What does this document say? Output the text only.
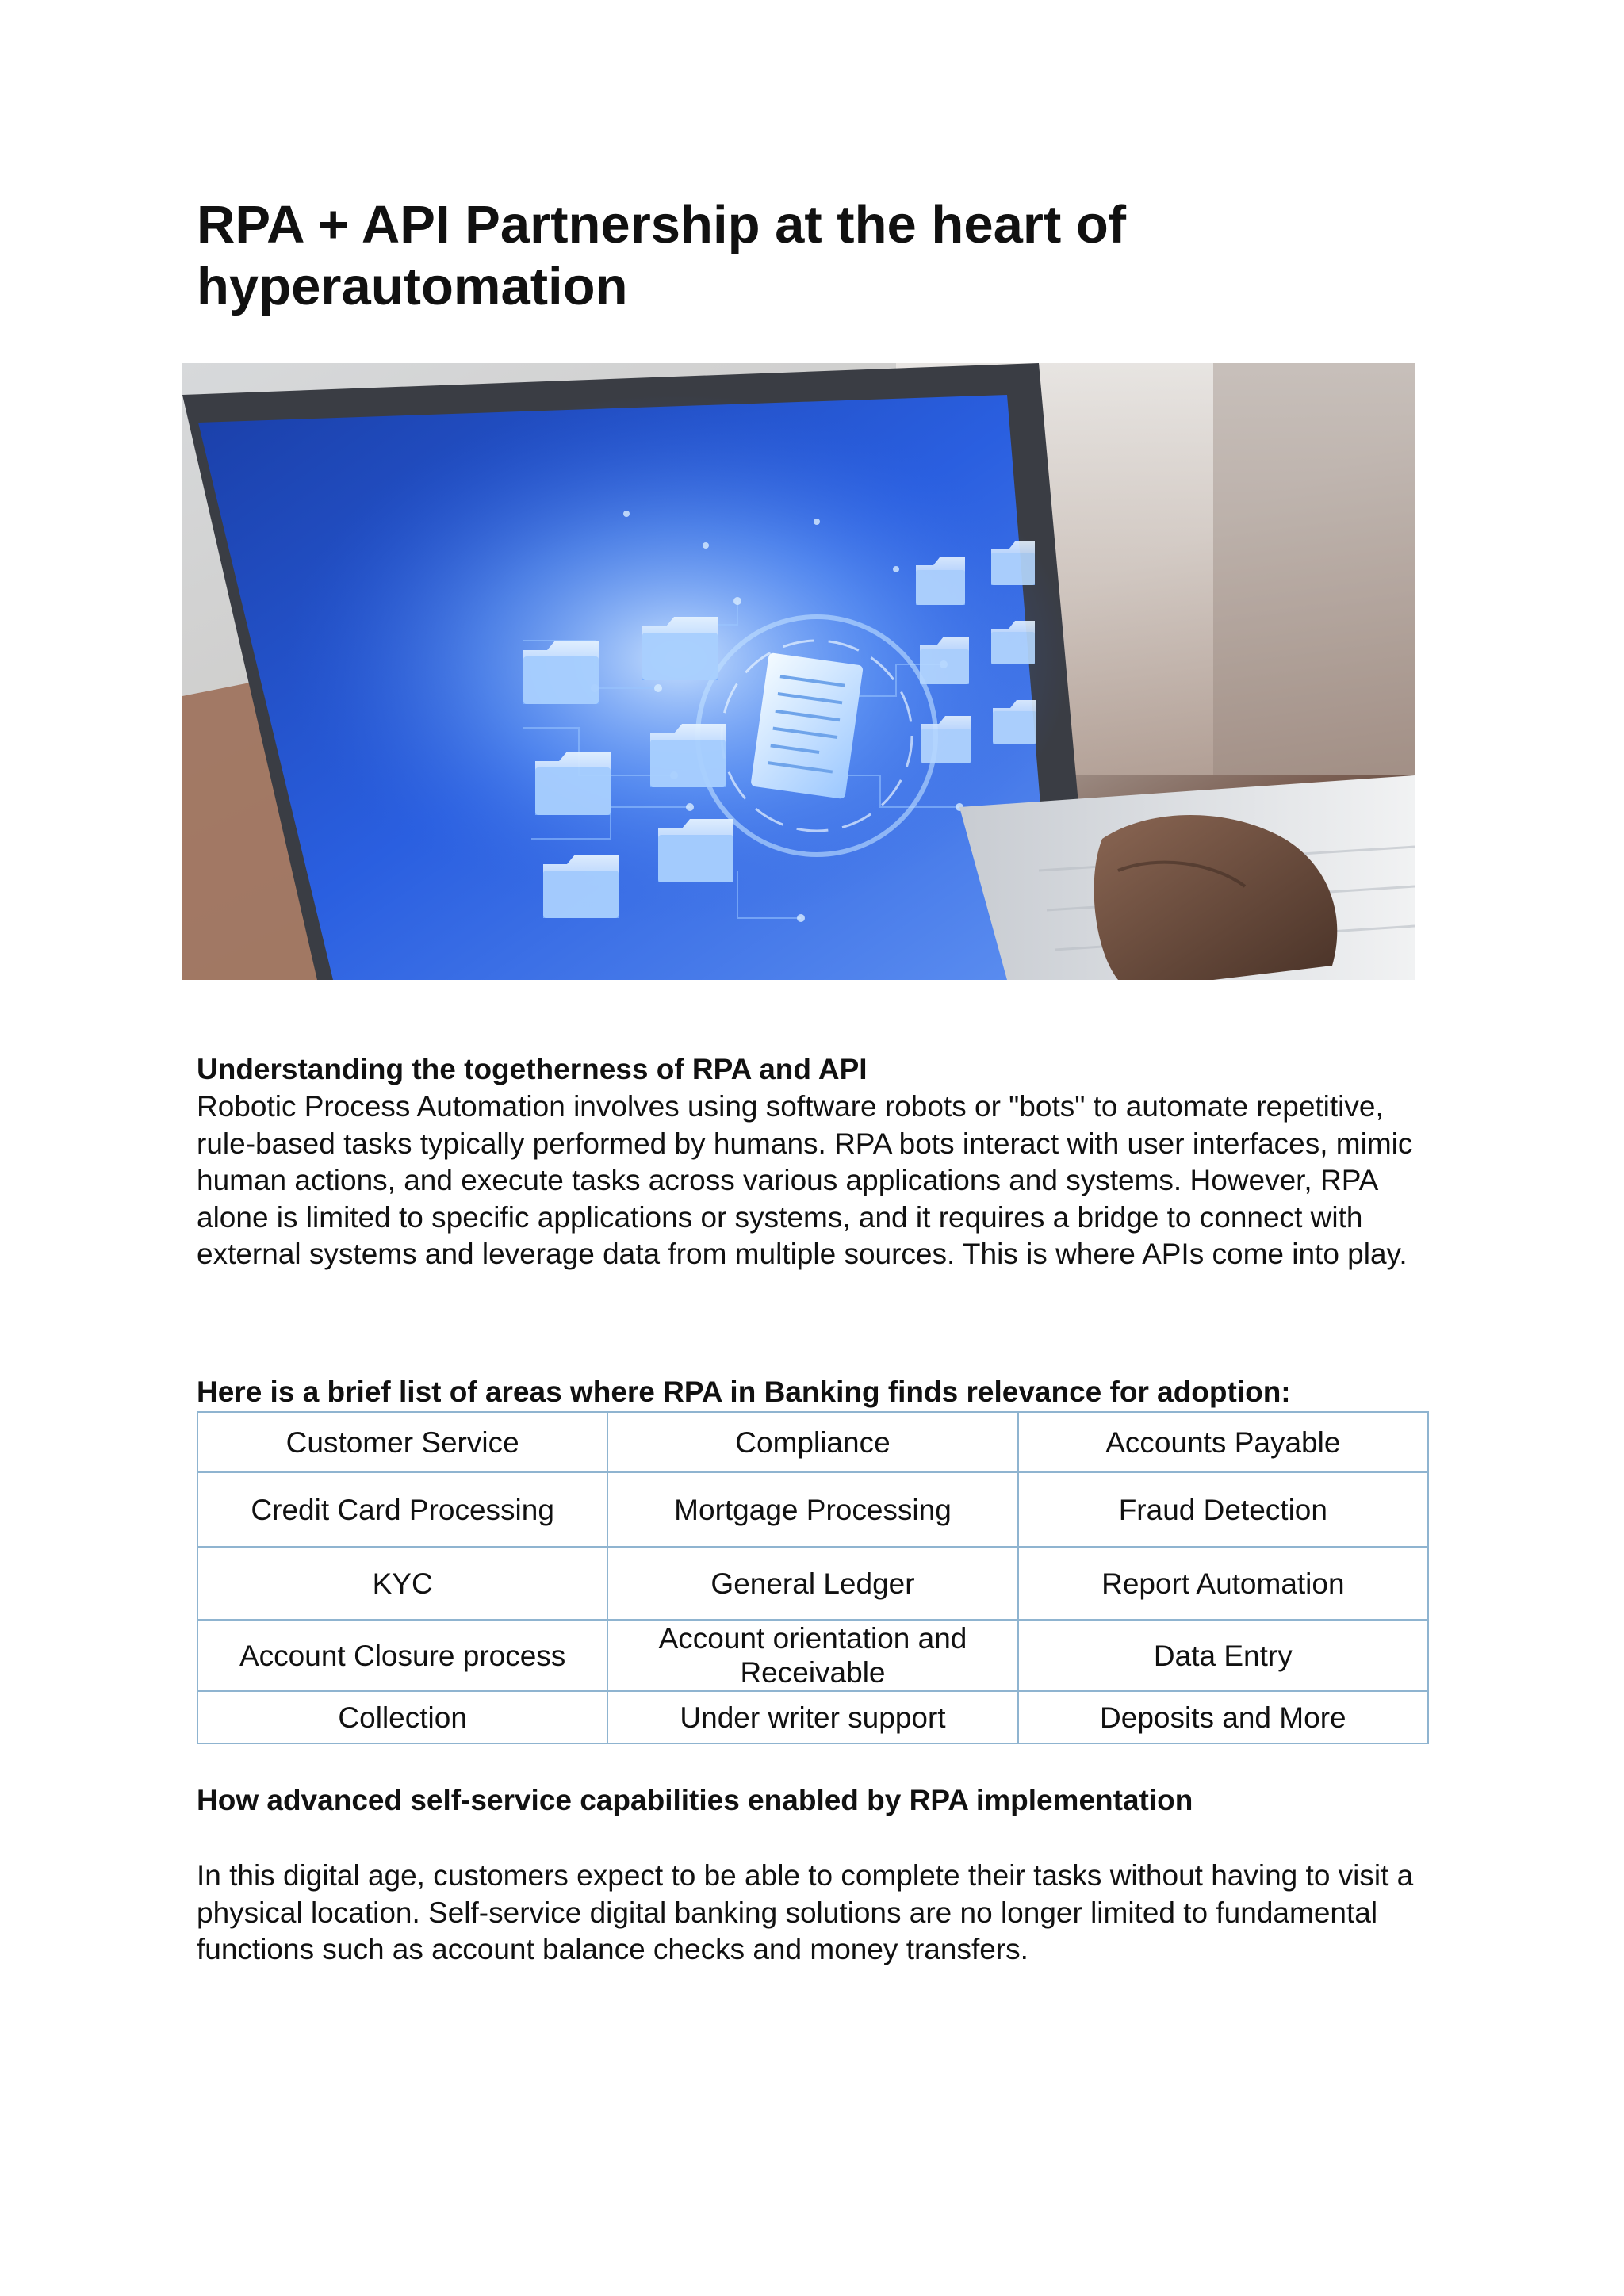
RPA + API Partnership at the heart of hyperautomation
Understanding the togetherness of RPA and API

Robotic Process Automation involves using software robots or "bots" to automate repetitive, rule-based tasks typically performed by humans. RPA bots interact with user interfaces, mimic human actions, and execute tasks across various applications and systems. However, RPA alone is limited to specific applications or systems, and it requires a bridge to connect with external systems and leverage data from multiple sources. This is where APIs come into play.

Here is a brief list of areas where RPA in Banking finds relevance for adoption:
Customer Service	Compliance	Accounts Payable
Credit Card Processing	Mortgage Processing	Fraud Detection
KYC	General Ledger	Report Automation
Account Closure process	Account orientation and Receivable	Data Entry
Collection	Under writer support	Deposits and More
How advanced self-service capabilities enabled by RPA implementation

In this digital age, customers expect to be able to complete their tasks without having to visit a physical location. Self-service digital banking solutions are no longer limited to fundamental functions such as account balance checks and money transfers.
